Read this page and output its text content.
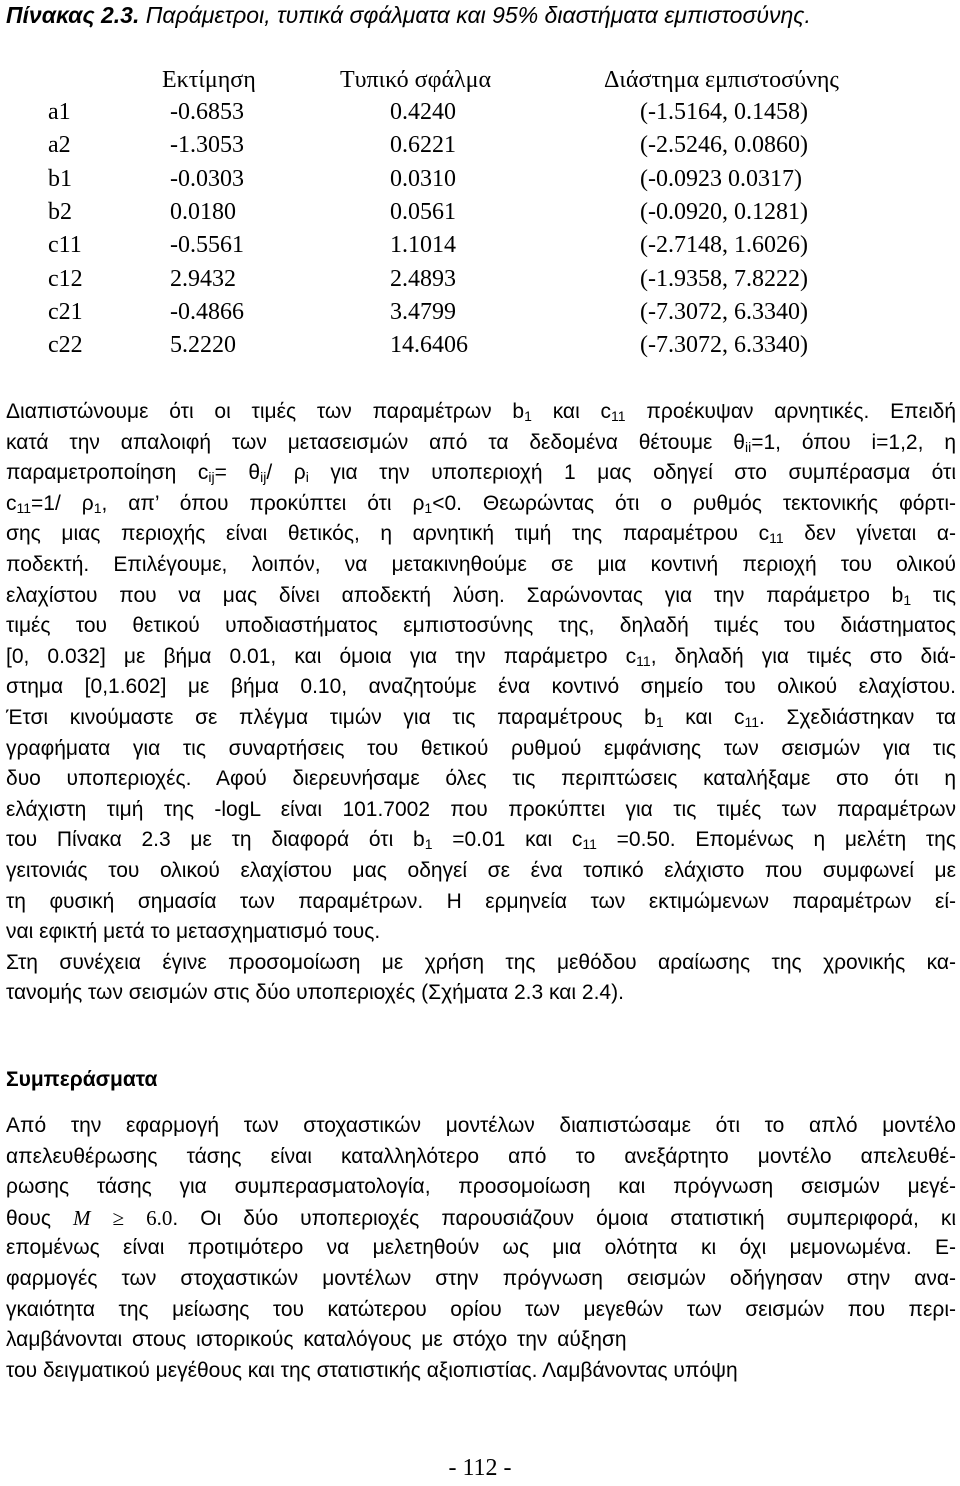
Πίνακας 2.3. Παράμετροι, τυπικά σφάλματα και 95% διαστήματα εμπιστοσύνης.
Εκτίμηση	Τυπικό σφάλμα	Διάστημα εμπιστοσύνης
a1	-0.6853	0.4240	(-1.5164, 0.1458)
a2	-1.3053	0.6221	(-2.5246, 0.0860)
b1	-0.0303	0.0310	(-0.0923 0.0317)
b2	0.0180	0.0561	(-0.0920, 0.1281)
c11	-0.5561	1.1014	(-2.7148, 1.6026)
c12	2.9432	2.4893	(-1.9358, 7.8222)
c21	-0.4866	3.4799	(-7.3072, 6.3340)
c22	5.2220	14.6406	(-7.3072, 6.3340)
Διαπιστώνουμε ότι οι τιμές των παραμέτρων $b_1$ και $c_{11}$ προέκυψαν αρνητικές. Επειδή
κατά την απαλοιφή των μετασεισμών από τα δεδομένα θέτουμε $\theta_{ii}=1$, όπου i=1,2, η
παραμετροποίηση $c_{ij}= \theta_{ij}/$ $\rho_i$ για την υποπεριοχή 1 μας οδηγεί στο συμπέρασμα ότι
$c_{11}=1/$ $\rho_1$, απ’ όπου προκύπτει ότι $\rho_1<0$. Θεωρώντας ότι ο ρυθμός τεκτονικής φόρτι-
σης μιας περιοχής είναι θετικός, η αρνητική τιμή της παραμέτρου $c_{11}$ δεν γίνεται α-
ποδεκτή. Επιλέγουμε, λοιπόν, να μετακινηθούμε σε μια κοντινή περιοχή του ολικού
ελαχίστου που να μας δίνει αποδεκτή λύση. Σαρώνοντας για την παράμετρο $b_1$ τις
τιμές του θετικού υποδιαστήματος εμπιστοσύνης της, δηλαδή τιμές του διάστηματος
[0, 0.032] με βήμα 0.01, και όμοια για την παράμετρο $c_{11}$, δηλαδή για τιμές στο διά-
στημα [0,1.602] με βήμα 0.10, αναζητούμε ένα κοντινό σημείο του ολικού ελαχίστου.
Έτσι κινούμαστε σε πλέγμα τιμών για τις παραμέτρους $b_1$ και $c_{11}$. Σχεδιάστηκαν τα
γραφήματα για τις συναρτήσεις του θετικού ρυθμού εμφάνισης των σεισμών για τις
δυο υποπεριοχές. Αφού διερευνήσαμε όλες τις περιπτώσεις καταλήξαμε στο ότι η
ελάχιστη τιμή της -logL είναι 101.7002 που προκύπτει για τις τιμές των παραμέτρων
του Πίνακα 2.3 με τη διαφορά ότι $b_1 =0.01$ και $c_{11} =0.50$. Επομένως η μελέτη της
γειτονιάς του ολικού ελαχίστου μας οδηγεί σε ένα τοπικό ελάχιστο που συμφωνεί με
τη φυσική σημασία των παραμέτρων. Η ερμηνεία των εκτιμώμενων παραμέτρων εί-
ναι εφικτή μετά το μετασχηματισμό τους.
Στη συνέχεια έγινε προσομοίωση με χρήση της μεθόδου αραίωσης της χρονικής κα-
τανομής των σεισμών στις δύο υποπεριοχές (Σχήματα 2.3 και 2.4).
Συμπεράσματα
Από την εφαρμογή των στοχαστικών μοντέλων διαπιστώσαμε ότι το απλό μοντέλο
απελευθέρωσης τάσης είναι καταλληλότερο από το ανεξάρτητο μοντέλο απελευθέ-
ρωσης τάσης για συμπερασματολογία, προσομοίωση και πρόγνωση σεισμών μεγέ-
θους M ≥ 6.0. Οι δύο υποπεριοχές παρουσιάζουν όμοια στατιστική συμπεριφορά, κι
επομένως είναι προτιμότερο να μελετηθούν ως μια ολότητα κι όχι μεμονωμένα. Ε-
φαρμογές των στοχαστικών μοντέλων στην πρόγνωση σεισμών οδήγησαν στην ανα-
γκαιότητα της μείωσης του κατώτερου ορίου των μεγεθών των σεισμών που περι-
λαμβάνονται στους ιστορικούς καταλόγους με στόχο την αύξηση
του δειγματικού μεγέθους και της στατιστικής αξιοπιστίας. Λαμβάνοντας υπόψη
- 112 -
